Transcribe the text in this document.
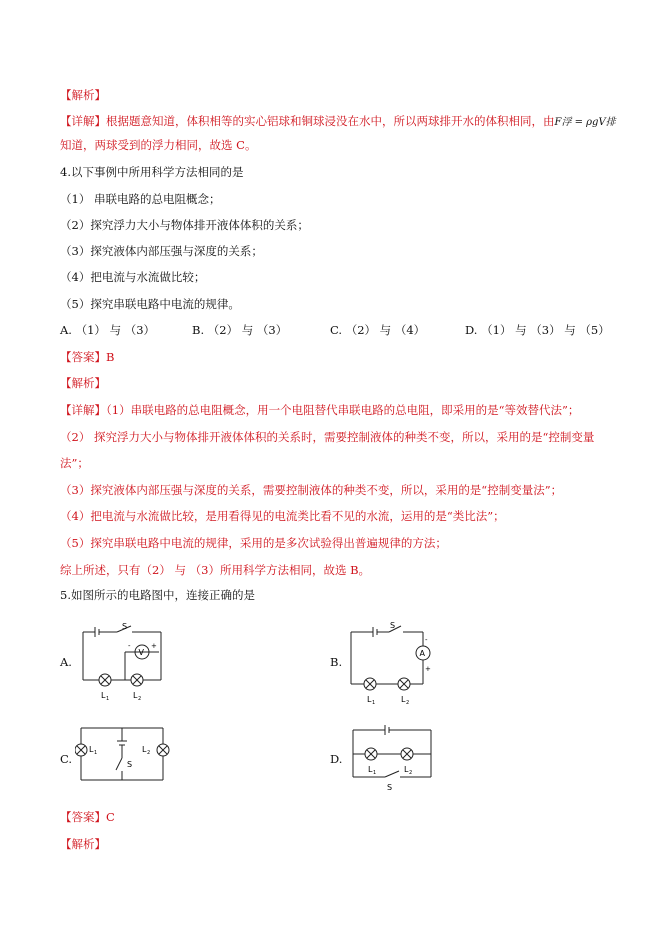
【解析】
【详解】根据题意知道，体积相等的实心铝球和铜球浸没在水中，所以两球排开水的体积相同，由F浮 = ρgV排
知道，两球受到的浮力相同，故选 C。
4.以下事例中所用科学方法相同的是
（1） 串联电路的总电阻概念；
（2）探究浮力大小与物体排开液体体积的关系；
（3）探究液体内部压强与深度的关系；
（4）把电流与水流做比较；
（5）探究串联电路中电流的规律。
A. （1） 与 （3）	B. （2） 与 （3）	C. （2） 与 （4）	D. （1） 与 （3） 与 （5）
【答案】B
【解析】
【详解】（1）串联电路的总电阻概念，用一个电阻替代串联电路的总电阻，即采用的是“等效替代法”；
（2） 探究浮力大小与物体排开液体体积的关系时，需要控制液体的种类不变，所以，采用的是“控制变量
法”；
（3）探究液体内部压强与深度的关系，需要控制液体的种类不变，所以，采用的是“控制变量法”；
（4）把电流与水流做比较，是用看得见的电流类比看不见的水流，运用的是“类比法”；
（5）探究串联电路中电流的规律，采用的是多次试验得出普遍规律的方法；
综上所述，只有（2） 与 （3）所用科学方法相同，故选 B。
5.如图所示的电路图中，连接正确的是
A.	B.
C.	D.
S
V
-	+
L 1	L 2
S
A
-
+
L 1	L 2
L 1	L 2
S
L 1	L 2
S
【答案】C
【解析】
